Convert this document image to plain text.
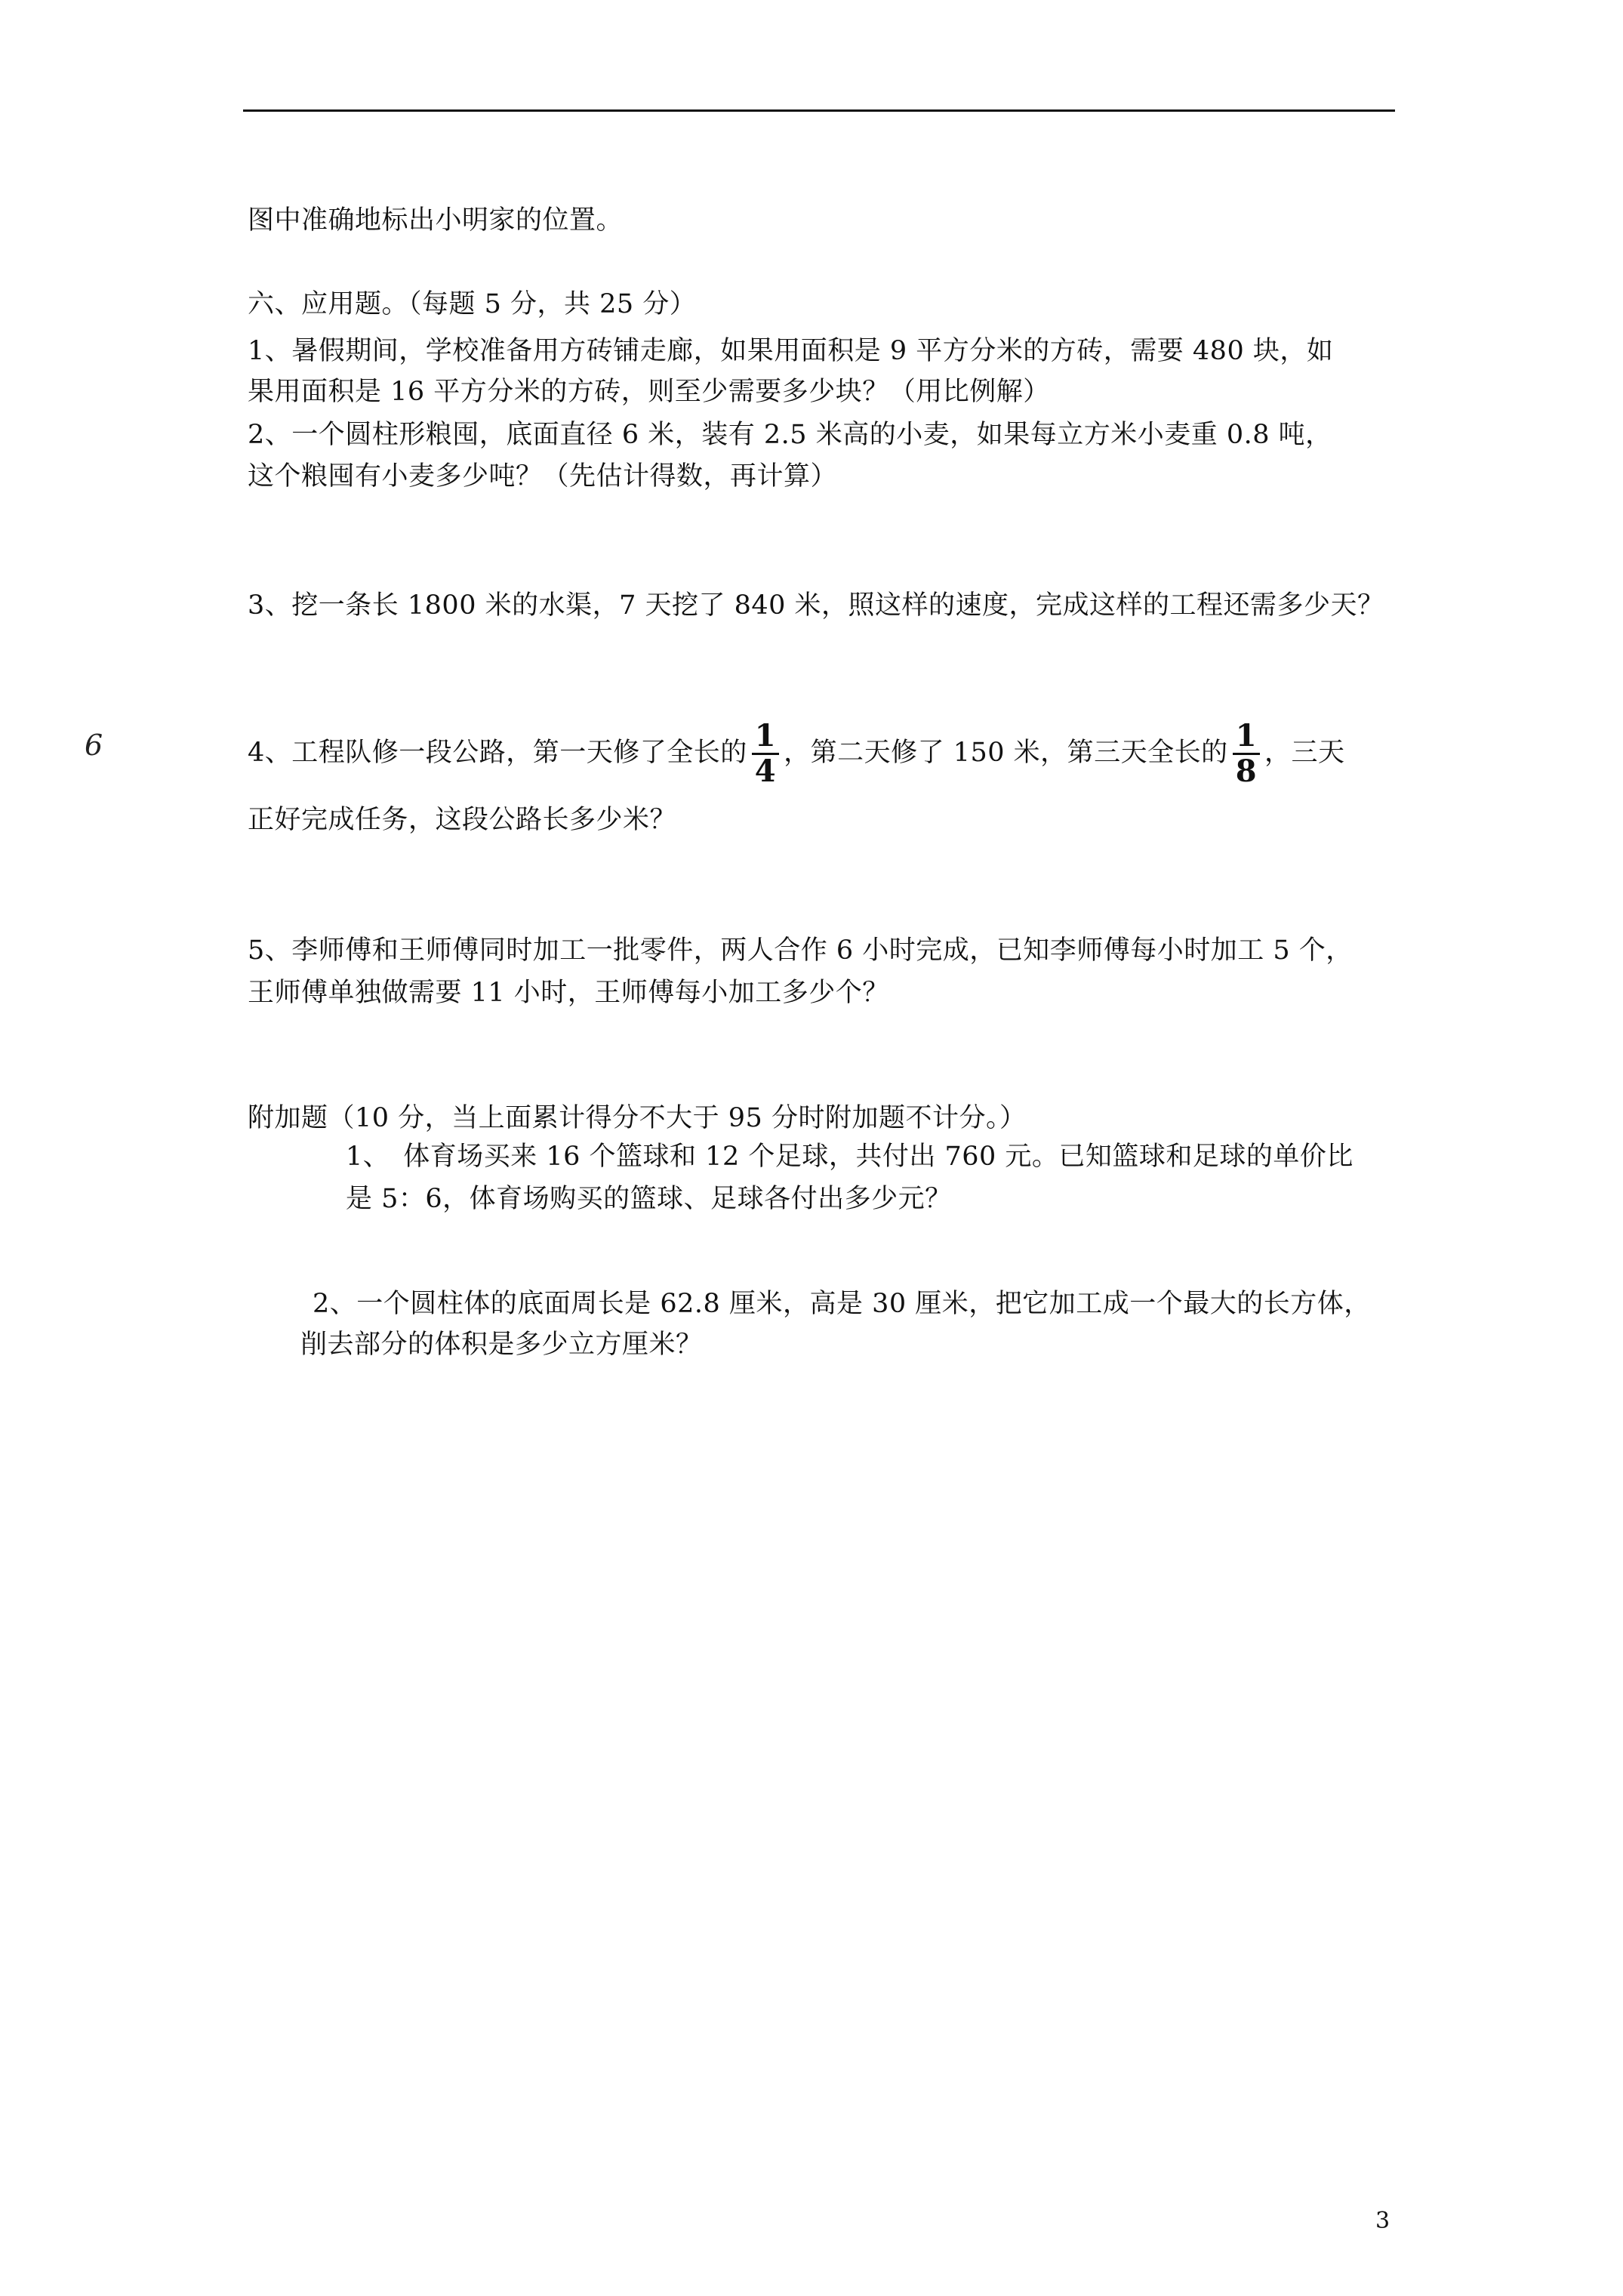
图中准确地标出小明家的位置。
六、应用题。（每题 5 分，共 25 分）
1、暑假期间，学校准备用方砖铺走廊，如果用面积是 9 平方分米的方砖，需要 480 块，如
果用面积是 16 平方分米的方砖，则至少需要多少块？（用比例解）
2、一个圆柱形粮囤，底面直径 6 米，装有 2.5 米高的小麦，如果每立方米小麦重 0.8 吨，
这个粮囤有小麦多少吨？（先估计得数，再计算）
3、挖一条长 1800 米的水渠，7 天挖了 840 米，照这样的速度，完成这样的工程还需多少天？
6	4、工程队修一段公路，第一天修了全长的 $\frac{1}{4}$ ，第二天修了 150 米，第三天全长的 $\frac{1}{8}$ ，三天
正好完成任务，这段公路长多少米？
5、李师傅和王师傅同时加工一批零件，两人合作 6 小时完成，已知李师傅每小时加工 5 个，
王师傅单独做需要 11 小时，王师傅每小加工多少个？
附加题（10 分，当上面累计得分不大于 95 分时附加题不计分。）
1、　体育场买来 16 个篮球和 12 个足球，共付出 760 元。已知篮球和足球的单价比
是 5：6，体育场购买的篮球、足球各付出多少元？
2、一个圆柱体的底面周长是 62.8 厘米，高是 30 厘米，把它加工成一个最大的长方体，
削去部分的体积是多少立方厘米？
3
